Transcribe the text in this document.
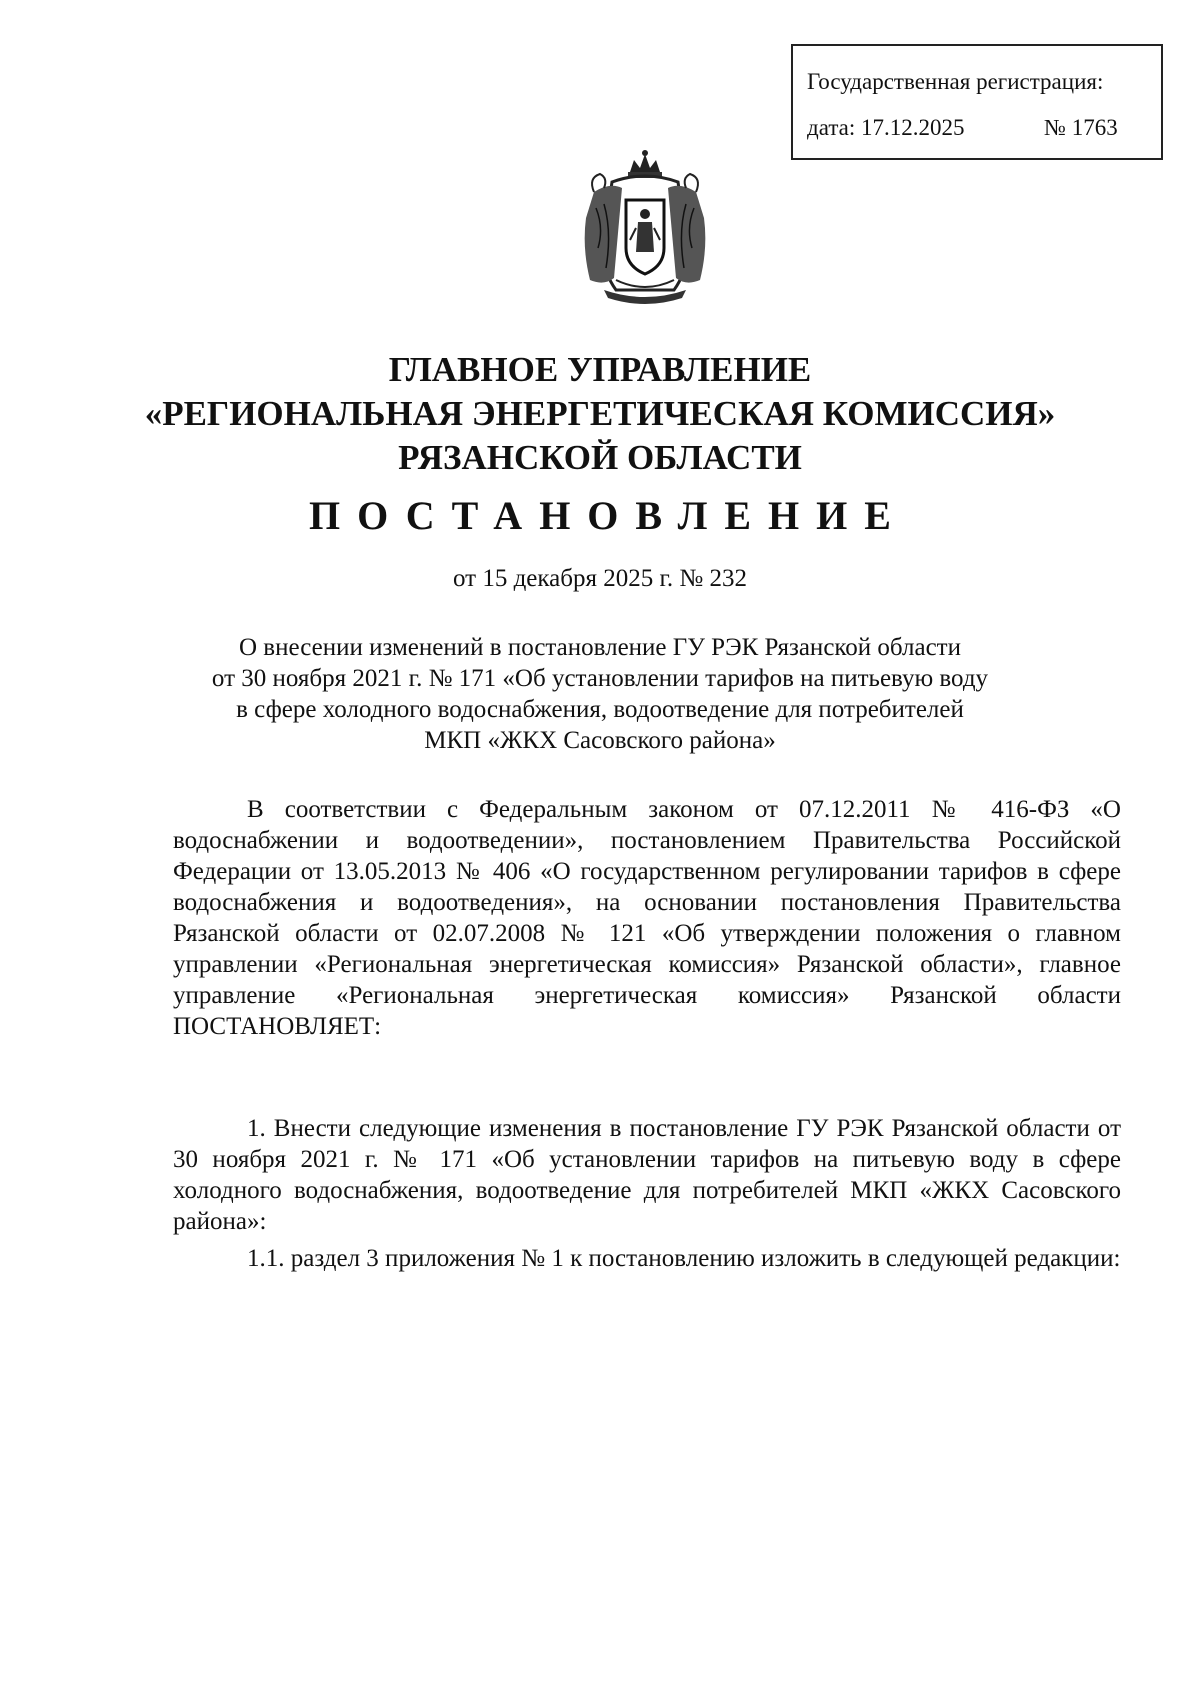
Государственная регистрация:
дата: 17.12.2025	№ 1763
ГЛАВНОЕ УПРАВЛЕНИЕ
«РЕГИОНАЛЬНАЯ ЭНЕРГЕТИЧЕСКАЯ КОМИССИЯ»
РЯЗАНСКОЙ ОБЛАСТИ
ПОСТАНОВЛЕНИЕ
от 15 декабря 2025 г. № 232
О внесении изменений в постановление ГУ РЭК Рязанской области
от 30 ноября 2021 г. № 171 «Об установлении тарифов на питьевую воду
в сфере холодного водоснабжения, водоотведение для потребителей
МКП «ЖКХ Сасовского района»

В соответствии с Федеральным законом от 07.12.2011 № 416-ФЗ «О водоснабжении и водоотведении», постановлением Правительства Российской Федерации от 13.05.2013 № 406 «О государственном регулировании тарифов в сфере водоснабжения и водоотведения», на основании постановления Правительства Рязанской области от 02.07.2008 № 121 «Об утверждении положения о главном управлении «Региональная энергетическая комиссия» Рязанской области», главное управление «Региональная энергетическая комиссия» Рязанской области ПОСТАНОВЛЯЕТ:

1. Внести следующие изменения в постановление ГУ РЭК Рязанской области от 30 ноября 2021 г. № 171 «Об установлении тарифов на питьевую воду в сфере холодного водоснабжения, водоотведение для потребителей МКП «ЖКХ Сасовского района»:

1.1. раздел 3 приложения № 1 к постановлению изложить в следующей редакции:
